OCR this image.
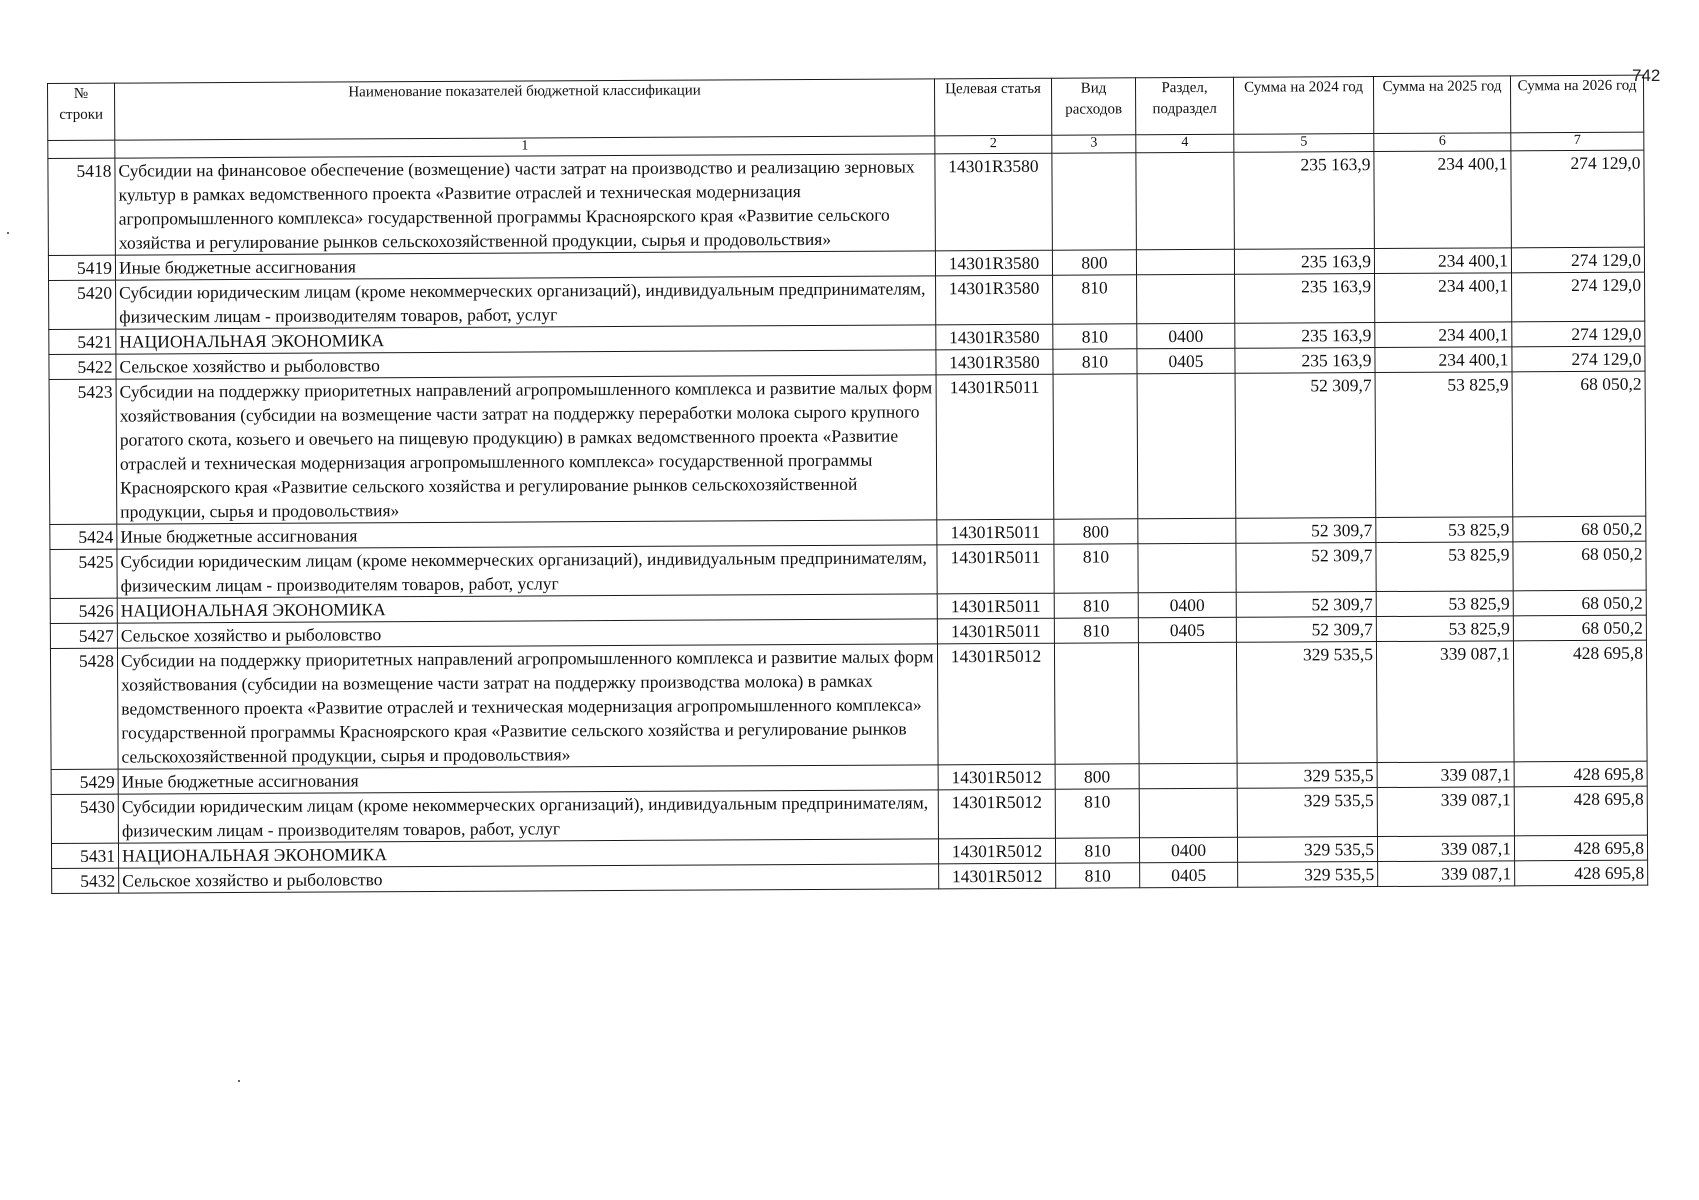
742
№ строки	Наименование показателей бюджетной классификации	Целевая статья	Вид расходов	Раздел, подраздел	Сумма на 2024 год	Сумма на 2025 год	Сумма на 2026 год
	1	2	3	4	5	6	7
5418	Субсидии на финансовое обеспечение (возмещение) части затрат на производство и реализацию зерновых культур в рамках ведомственного проекта «Развитие отраслей и техническая модернизация агропромышленного комплекса» государственной программы Красноярского края «Развитие сельского хозяйства и регулирование рынков сельскохозяйственной продукции, сырья и продовольствия»	14301R3580			235 163,9	234 400,1	274 129,0
5419	Иные бюджетные ассигнования	14301R3580	800		235 163,9	234 400,1	274 129,0
5420	Субсидии юридическим лицам (кроме некоммерческих организаций), индивидуальным предпринимателям, физическим лицам - производителям товаров, работ, услуг	14301R3580	810		235 163,9	234 400,1	274 129,0
5421	НАЦИОНАЛЬНАЯ ЭКОНОМИКА	14301R3580	810	0400	235 163,9	234 400,1	274 129,0
5422	Сельское хозяйство и рыболовство	14301R3580	810	0405	235 163,9	234 400,1	274 129,0
5423	Субсидии на поддержку приоритетных направлений агропромышленного комплекса и развитие малых форм хозяйствования (субсидии на возмещение части затрат на поддержку переработки молока сырого крупного рогатого скота, козьего и овечьего на пищевую продукцию) в рамках ведомственного проекта «Развитие отраслей и техническая модернизация агропромышленного комплекса» государственной программы Красноярского края «Развитие сельского хозяйства и регулирование рынков сельскохозяйственной продукции, сырья и продовольствия»	14301R5011			52 309,7	53 825,9	68 050,2
5424	Иные бюджетные ассигнования	14301R5011	800		52 309,7	53 825,9	68 050,2
5425	Субсидии юридическим лицам (кроме некоммерческих организаций), индивидуальным предпринимателям, физическим лицам - производителям товаров, работ, услуг	14301R5011	810		52 309,7	53 825,9	68 050,2
5426	НАЦИОНАЛЬНАЯ ЭКОНОМИКА	14301R5011	810	0400	52 309,7	53 825,9	68 050,2
5427	Сельское хозяйство и рыболовство	14301R5011	810	0405	52 309,7	53 825,9	68 050,2
5428	Субсидии на поддержку приоритетных направлений агропромышленного комплекса и развитие малых форм хозяйствования (субсидии на возмещение части затрат на поддержку производства молока) в рамках ведомственного проекта «Развитие отраслей и техническая модернизация агропромышленного комплекса» государственной программы Красноярского края «Развитие сельского хозяйства и регулирование рынков сельскохозяйственной продукции, сырья и продовольствия»	14301R5012			329 535,5	339 087,1	428 695,8
5429	Иные бюджетные ассигнования	14301R5012	800		329 535,5	339 087,1	428 695,8
5430	Субсидии юридическим лицам (кроме некоммерческих организаций), индивидуальным предпринимателям, физическим лицам - производителям товаров, работ, услуг	14301R5012	810		329 535,5	339 087,1	428 695,8
5431	НАЦИОНАЛЬНАЯ ЭКОНОМИКА	14301R5012	810	0400	329 535,5	339 087,1	428 695,8
5432	Сельское хозяйство и рыболовство	14301R5012	810	0405	329 535,5	339 087,1	428 695,8
